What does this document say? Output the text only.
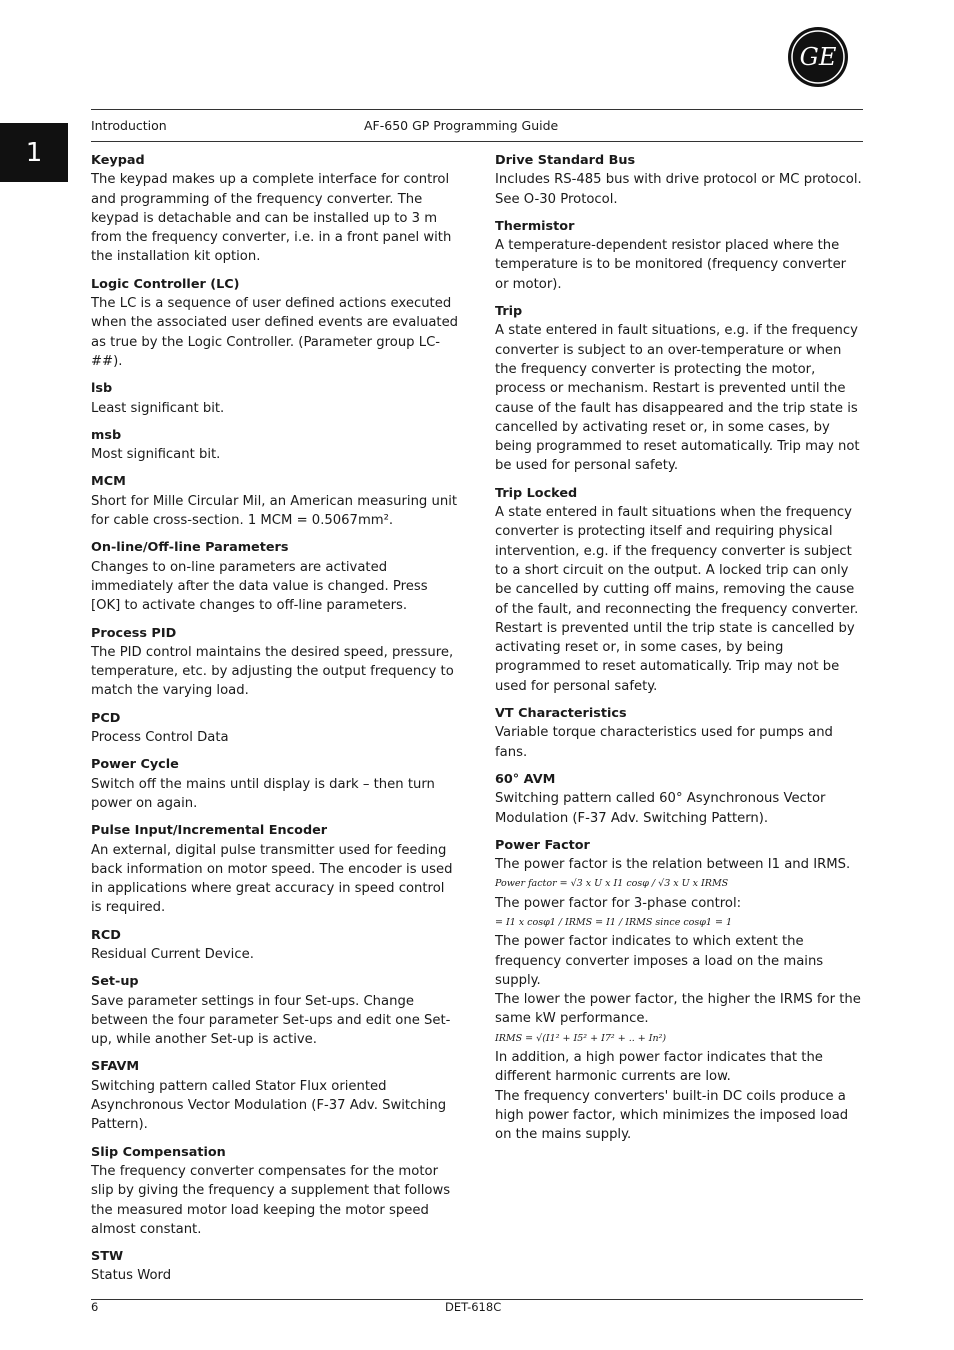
1
GE
Introduction	AF-650 GP Programming Guide

Keypad

The keypad makes up a complete interface for control and programming of the frequency converter. The keypad is detachable and can be installed up to 3 m from the frequency converter, i.e. in a front panel with the installation kit option.

Logic Controller (LC)

The LC is a sequence of user defined actions executed when the associated user defined events are evaluated as true by the Logic Controller. (Parameter group LC-##).

lsb

Least significant bit.

msb

Most significant bit.

MCM

Short for Mille Circular Mil, an American measuring unit for cable cross-section. 1 MCM = 0.5067mm².

On-line/Off-line Parameters

Changes to on-line parameters are activated immediately after the data value is changed. Press [OK] to activate changes to off-line parameters.

Process PID

The PID control maintains the desired speed, pressure, temperature, etc. by adjusting the output frequency to match the varying load.

PCD

Process Control Data

Power Cycle

Switch off the mains until display is dark – then turn power on again.

Pulse Input/Incremental Encoder

An external, digital pulse transmitter used for feeding back information on motor speed. The encoder is used in applications where great accuracy in speed control is required.

RCD

Residual Current Device.

Set-up

Save parameter settings in four Set-ups. Change between the four parameter Set-ups and edit one Set-up, while another Set-up is active.

SFAVM

Switching pattern called Stator Flux oriented Asynchronous Vector Modulation (F-37 Adv. Switching Pattern).

Slip Compensation

The frequency converter compensates for the motor slip by giving the frequency a supplement that follows the measured motor load keeping the motor speed almost constant.

STW

Status Word

Drive Standard Bus

Includes RS-485 bus with drive protocol or MC protocol. See O-30 Protocol.

Thermistor

A temperature-dependent resistor placed where the temperature is to be monitored (frequency converter or motor).

Trip

A state entered in fault situations, e.g. if the frequency converter is subject to an over-temperature or when the frequency converter is protecting the motor, process or mechanism. Restart is prevented until the cause of the fault has disappeared and the trip state is cancelled by activating reset or, in some cases, by being programmed to reset automatically. Trip may not be used for personal safety.

Trip Locked

A state entered in fault situations when the frequency converter is protecting itself and requiring physical intervention, e.g. if the frequency converter is subject to a short circuit on the output. A locked trip can only be cancelled by cutting off mains, removing the cause of the fault, and reconnecting the frequency converter. Restart is prevented until the trip state is cancelled by activating reset or, in some cases, by being programmed to reset automatically. Trip may not be used for personal safety.

VT Characteristics

Variable torque characteristics used for pumps and fans.

60° AVM

Switching pattern called 60° Asynchronous Vector Modulation (F-37 Adv. Switching Pattern).

Power Factor

The power factor is the relation between I1 and IRMS.

Power factor = √3 x U x I1 cosφ / √3 x U x IRMS

The power factor for 3-phase control:

= I1 x cosφ1 / IRMS = I1 / IRMS since cosφ1 = 1

The power factor indicates to which extent the frequency converter imposes a load on the mains supply.

The lower the power factor, the higher the IRMS for the same kW performance.

IRMS = √(I1² + I5² + I7² + .. + In²)

In addition, a high power factor indicates that the different harmonic currents are low.

The frequency converters' built-in DC coils produce a high power factor, which minimizes the imposed load on the mains supply.

6	DET-618C
